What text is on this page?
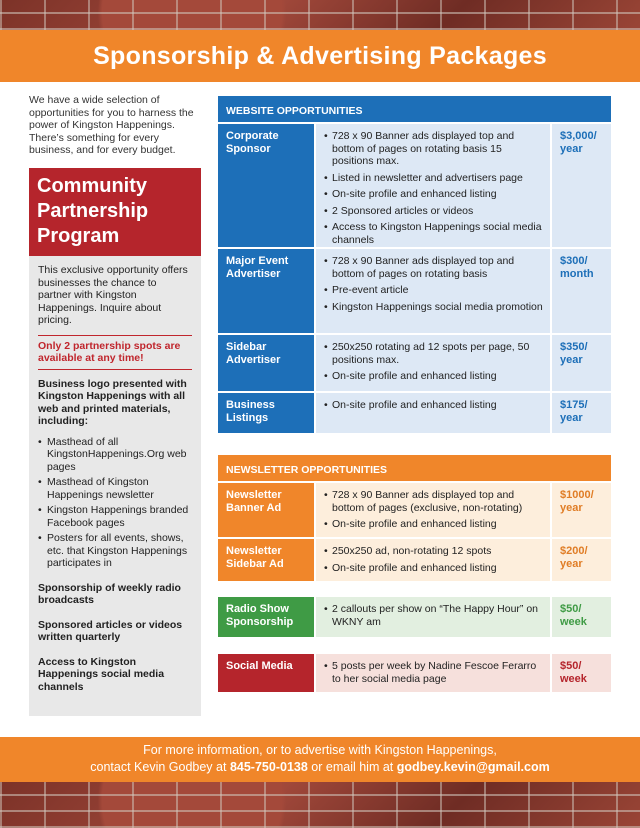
Sponsorship & Advertising Packages

We have a wide selection of opportunities for you to harness the power of Kingston Happenings. There’s something for every business, and for every budget.

Community
Partnership
Program

This exclusive opportunity offers businesses the chance to partner with Kingston Happenings. Inquire about pricing.

Only 2 partnership spots are available at any time!

Business logo presented with Kingston Happenings with all web and printed materials, including:

• Masthead of all KingstonHappenings.Org web pages
• Masthead of Kingston Happenings newsletter
• Kingston Happenings branded Facebook pages
• Posters for all events, shows, etc. that Kingston Happenings participates in

Sponsorship of weekly radio broadcasts

Sponsored articles or videos written quarterly

Access to Kingston Happenings social media channels

WEBSITE OPPORTUNITIES
Corporate Sponsor
• 728 x 90 Banner ads displayed top and bottom of pages on rotating basis 15 positions max.
• Listed in newsletter and advertisers page
• On-site profile and enhanced listing
• 2 Sponsored articles or videos
• Access to Kingston Happenings social media channels
$3,000/ year
Major Event Advertiser
• 728 x 90 Banner ads displayed top and bottom of pages on rotating basis
• Pre-event article
• Kingston Happenings social media promotion
$300/ month
Sidebar Advertiser
• 250x250 rotating ad 12 spots per page, 50 positions max.
• On-site profile and enhanced listing
$350/ year
Business Listings
• On-site profile and enhanced listing	$175/ year
NEWSLETTER OPPORTUNITIES
Newsletter Banner Ad
• 728 x 90 Banner ads displayed top and bottom of pages (exclusive, non-rotating)
• On-site profile and enhanced listing
$1000/ year
Newsletter Sidebar Ad
• 250x250 ad, non-rotating 12 spots
• On-site profile and enhanced listing
$200/ year
Radio Show Sponsorship
• 2 callouts per show on “The Happy Hour” on WKNY am
$50/ week
Social Media
•	5 posts per week by Nadine Fescoe Ferarro to her social media page
$50/ week
For more information, or to advertise with Kingston Happenings,
contact Kevin Godbey at 845-750-0138 or email him at godbey.kevin@gmail.com
